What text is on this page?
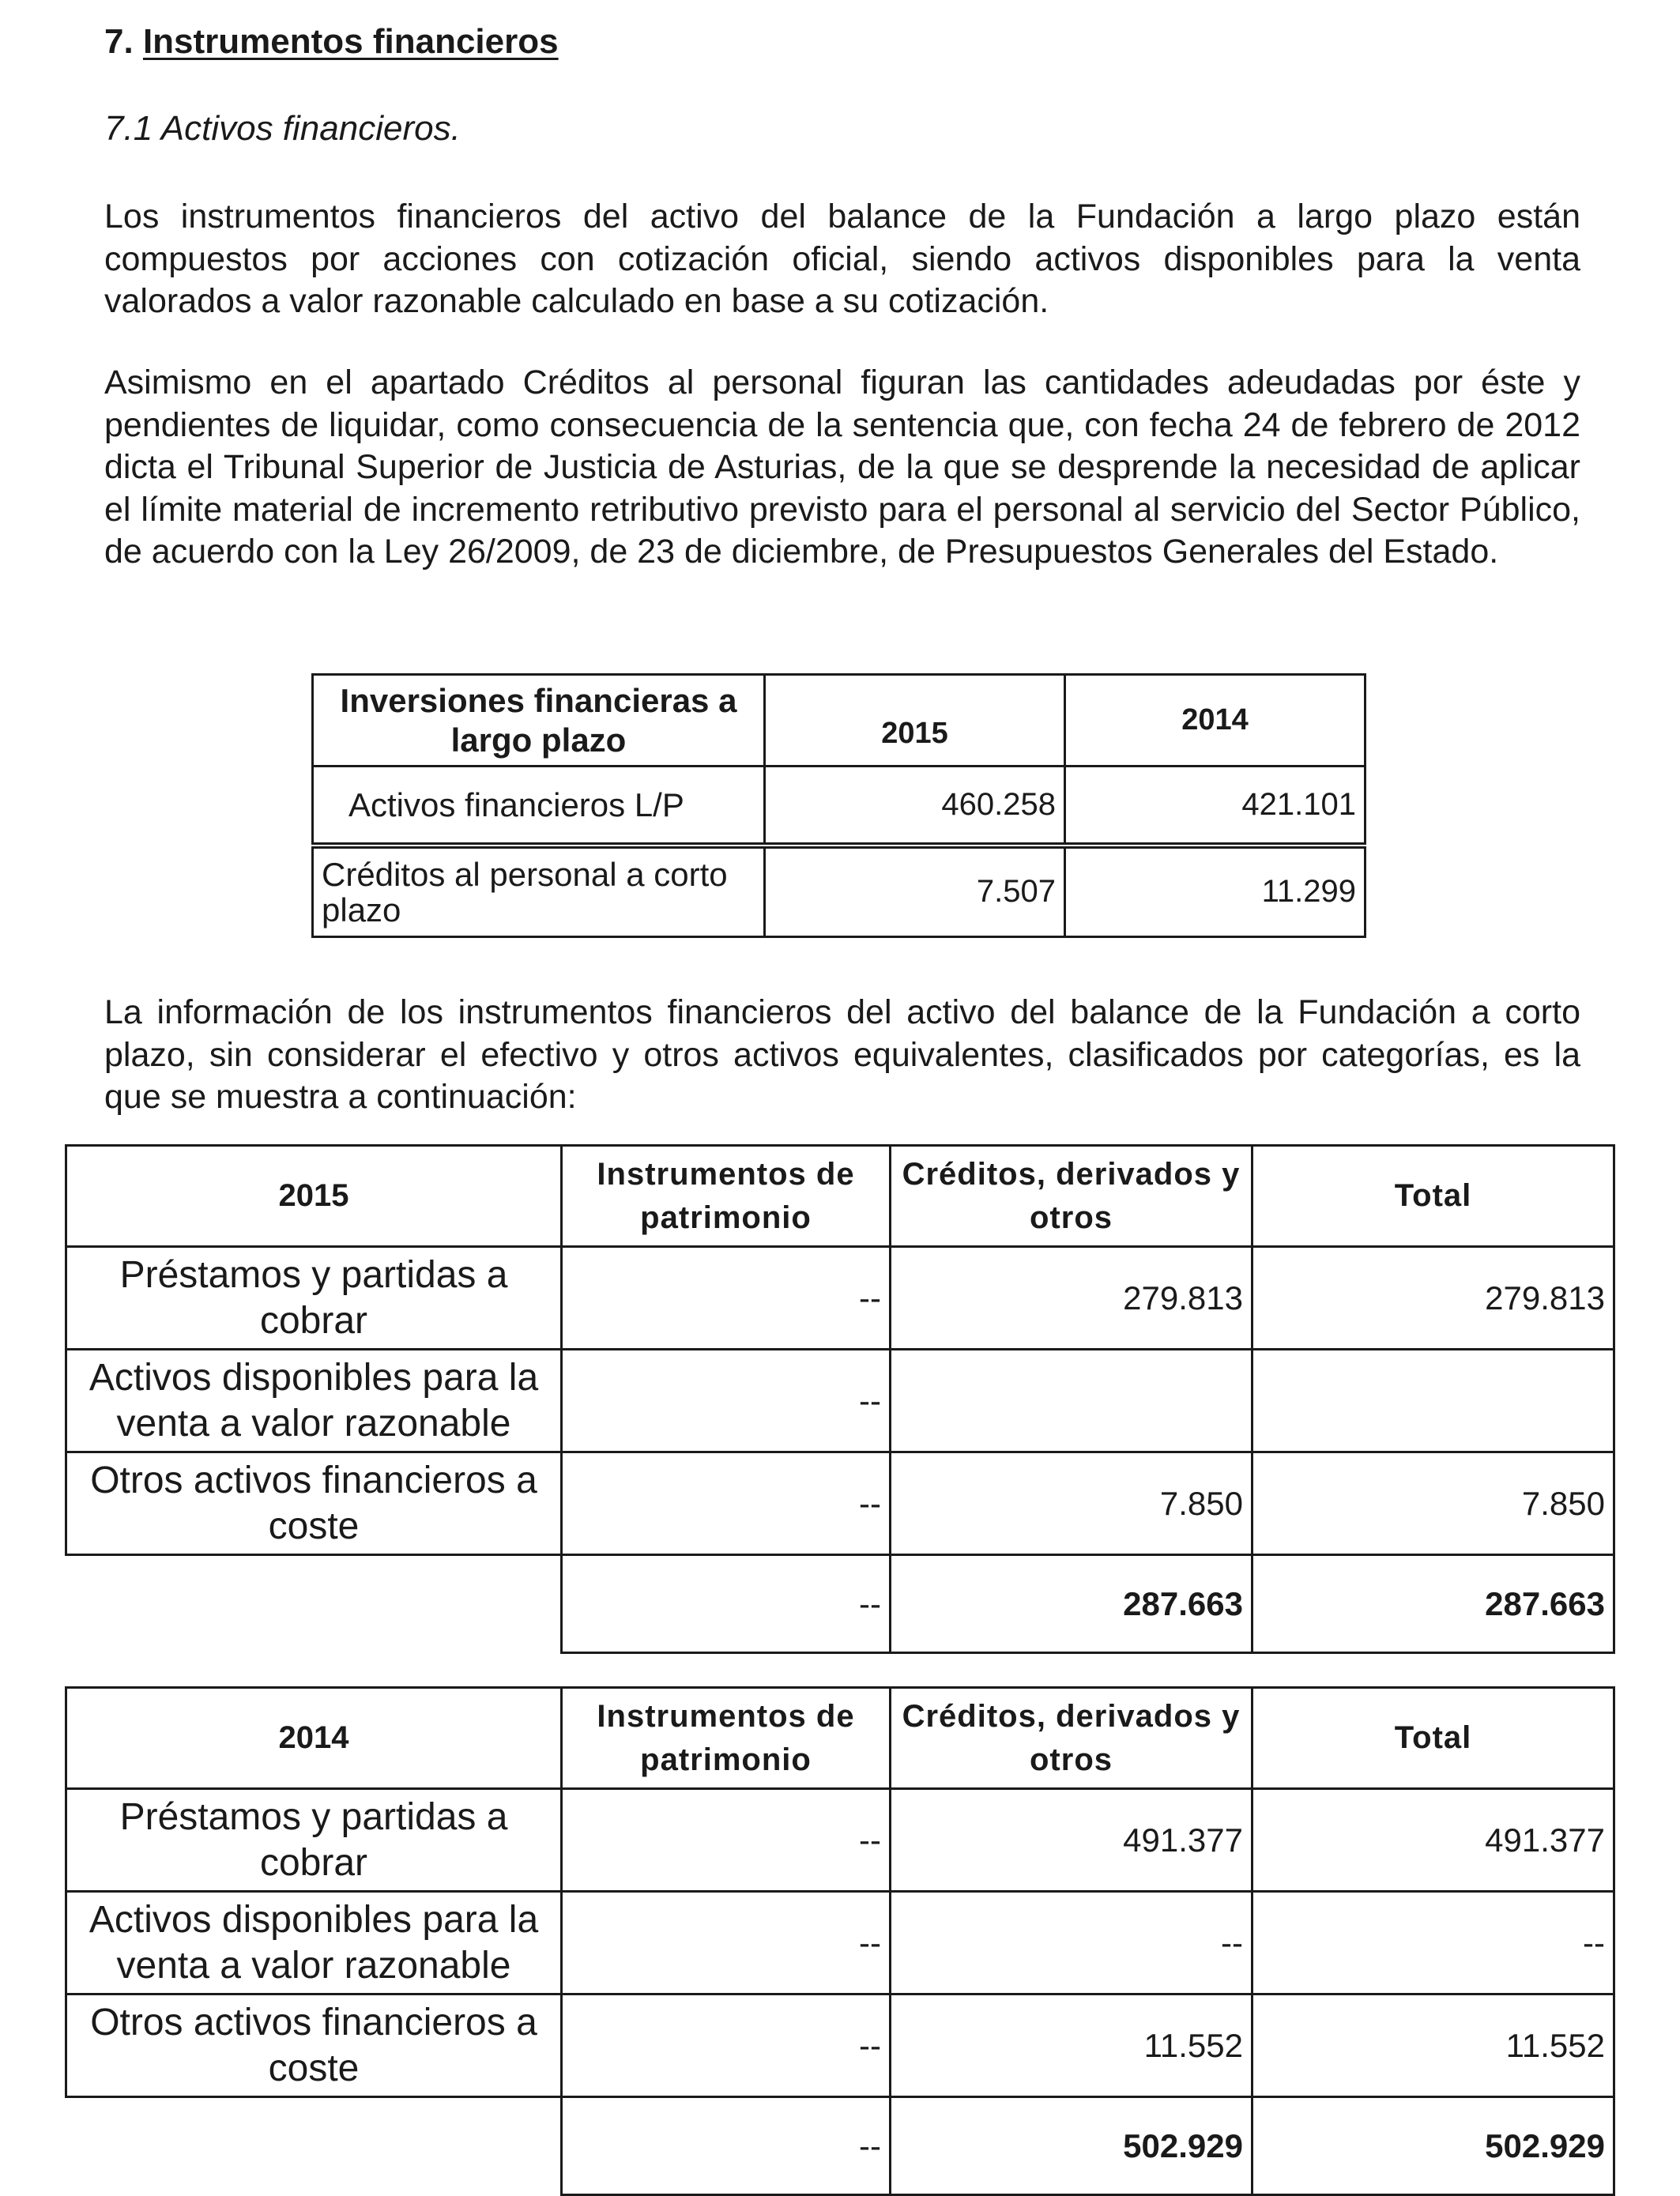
7. Instrumentos financieros

7.1 Activos financieros.

Los instrumentos financieros del activo del balance de la Fundación a largo plazo están compuestos por acciones con cotización oficial, siendo activos disponibles para la venta valorados a valor razonable calculado en base a su cotización.

Asimismo en el apartado Créditos al personal figuran las cantidades adeudadas por éste y pendientes de liquidar, como consecuencia de la sentencia que, con fecha 24 de febrero de 2012 dicta el Tribunal Superior de Justicia de Asturias, de la que se desprende la necesidad de aplicar el límite material de incremento retributivo previsto para el personal al servicio del Sector Público, de acuerdo con la Ley 26/2009, de 23 de diciembre, de Presupuestos Generales del Estado.

Inversiones financieras a largo plazo	2015	2014
Activos financieros L/P	460.258	421.101
Créditos al personal a corto plazo	7.507	11.299

La información de los instrumentos financieros del activo del balance de la Fundación a corto plazo, sin considerar el efectivo y otros activos equivalentes, clasificados por categorías, es la que se muestra a continuación:

2015	Instrumentos de patrimonio	Créditos, derivados y otros	Total
Préstamos y partidas a cobrar	--	279.813	279.813
Activos disponibles para la venta a valor razonable	--		
Otros activos financieros a coste	--	7.850	7.850
	--	287.663	287.663
2014	Instrumentos de patrimonio	Créditos, derivados y otros	Total
Préstamos y partidas a cobrar	--	491.377	491.377
Activos disponibles para la venta a valor razonable	--	--	--
Otros activos financieros a coste	--	11.552	11.552
	--	502.929	502.929
